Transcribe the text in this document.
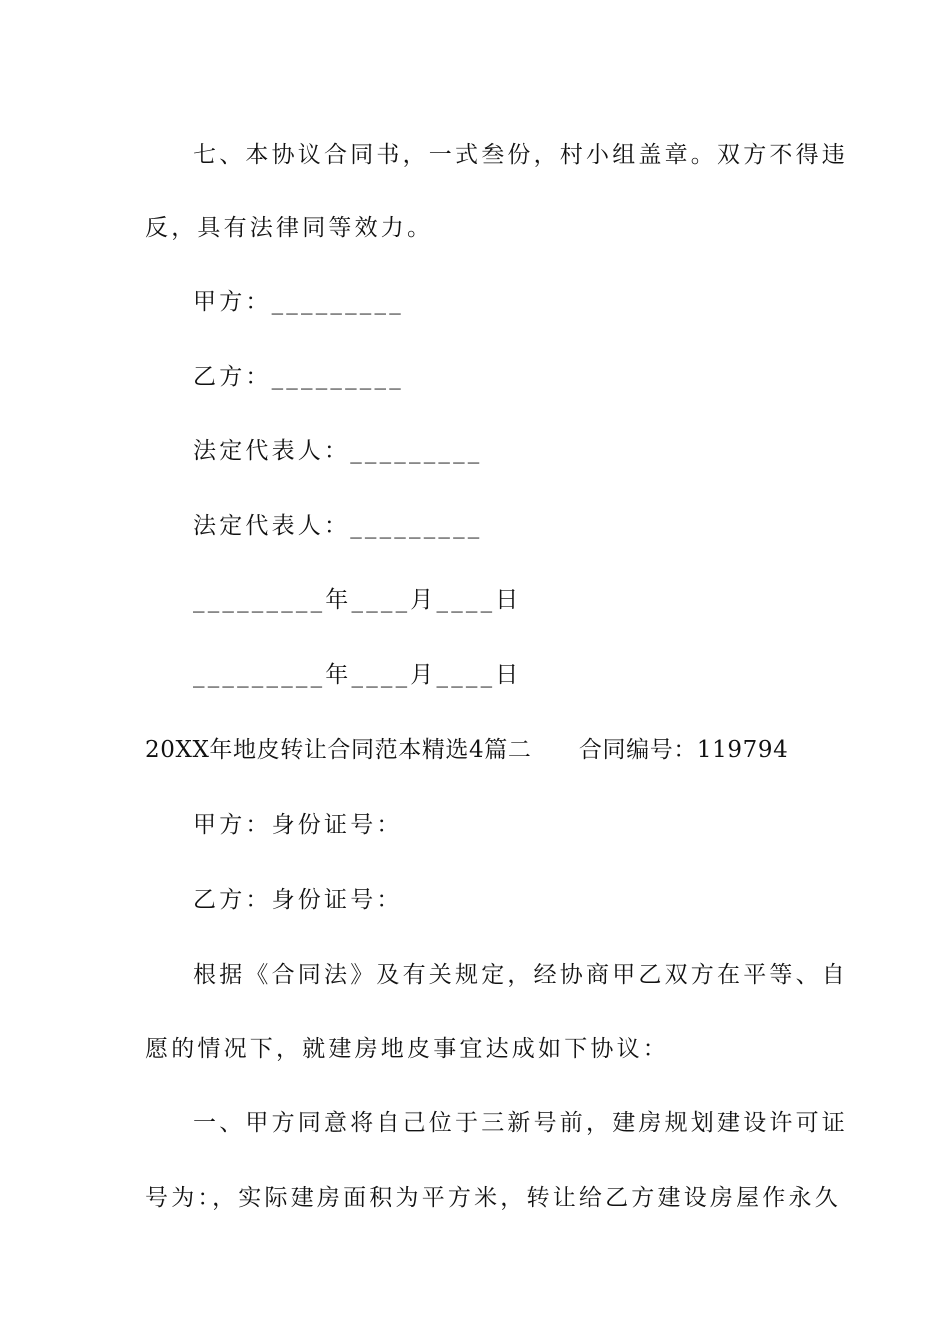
七、本协议合同书，一式叁份，村小组盖章。双方不得违
反，具有法律同等效力。
甲方：_________
乙方：_________
法定代表人：_________
法定代表人：_________
_________年____月____日
_________年____月____日
20XX年地皮转让合同范本精选4篇二      合同编号：119794
甲方：身份证号：
乙方：身份证号：
根据《合同法》及有关规定，经协商甲乙双方在平等、自
愿的情况下，就建房地皮事宜达成如下协议：
一、甲方同意将自己位于三新号前，建房规划建设许可证
号为：，实际建房面积为平方米，转让给乙方建设房屋作永久
